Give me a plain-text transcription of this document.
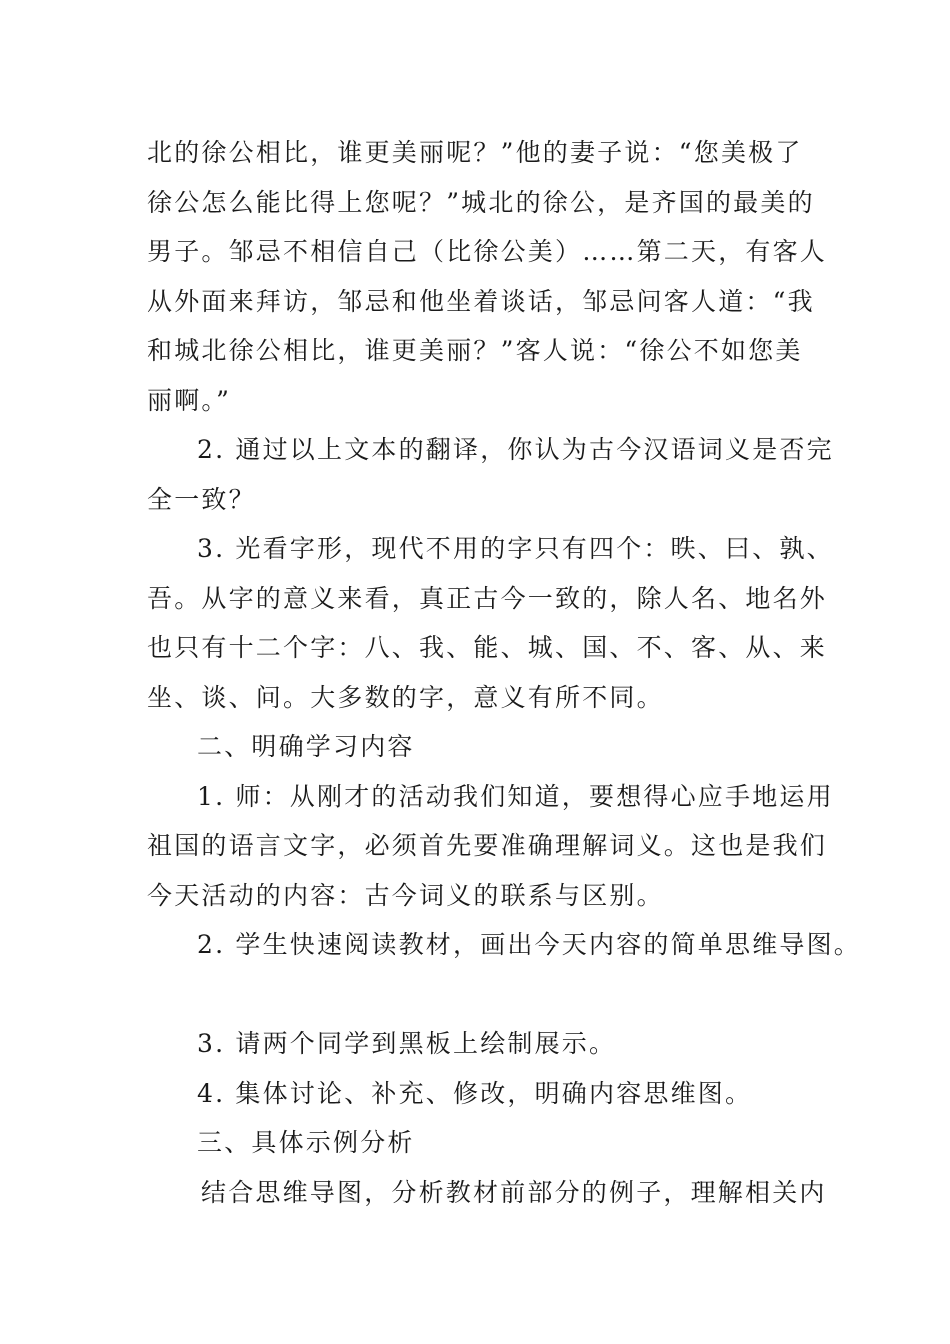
北的徐公相比，谁更美丽呢？”他的妻子说：“您美极了
徐公怎么能比得上您呢？”城北的徐公，是齐国的最美的
男子。邹忌不相信自己（比徐公美）……第二天，有客人
从外面来拜访，邹忌和他坐着谈话，邹忌问客人道：“我
和城北徐公相比，谁更美丽？”客人说：“徐公不如您美
丽啊。”
2. 通过以上文本的翻译，你认为古今汉语词义是否完
全一致？
3. 光看字形，现代不用的字只有四个：昳、曰、孰、
吾。从字的意义来看，真正古今一致的，除人名、地名外
也只有十二个字：八、我、能、城、国、不、客、从、来
坐、谈、问。大多数的字，意义有所不同。
二、明确学习内容
1. 师：从刚才的活动我们知道，要想得心应手地运用
祖国的语言文字，必须首先要准确理解词义。这也是我们
今天活动的内容：古今词义的联系与区别。
2. 学生快速阅读教材，画出今天内容的简单思维导图。
3. 请两个同学到黑板上绘制展示。
4. 集体讨论、补充、修改，明确内容思维图。
三、具体示例分析
结合思维导图，分析教材前部分的例子，理解相关内
